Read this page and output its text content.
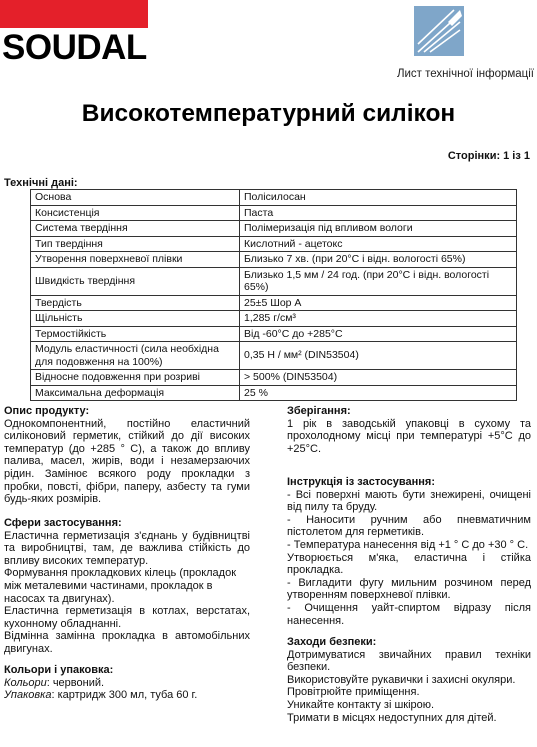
SOUDAL
Лист технічної інформації
Високотемпературний силікон
Сторінки: 1 із 1
Технічні дані:
Основа	Полісилосан
Консистенція	Паста
Система твердіння	Полімеризація під впливом вологи
Тип твердіння	Кислотний - ацетокс
Утворення поверхневої плівки	Близько 7 хв. (при 20°C і відн. вологості 65%)
Швидкість твердіння	Близько 1,5 мм / 24 год. (при 20°C і відн. вологості 65%)
Твердість	25±5 Шор А
Щільність	1,285 г/см³
Термостійкість	Від -60°C до +285°C
Модуль еластичності (сила необхідна для подовження на 100%)	0,35 Н / мм² (DIN53504)
Відносне подовження при розриві	> 500% (DIN53504)
Максимальна деформація	25 %
Опис продукту:

Однокомпонентний, постійно еластичний силіконовий герметик, стійкий до дії високих температур (до +285 ° C), а також до впливу палива, масел, жирів, води і незамерзаючих рідин. Замінює всякого роду прокладки з пробки, повсті, фібри, паперу, азбесту та гуми будь-яких розмірів.

Сфери застосування:

Еластична герметизація з'єднань у будівництві та виробництві, там, де важлива стійкість до впливу високих температур.

Формування прокладкових кілець (прокладок між металевими частинами, прокладок в насосах та двигунах).

Еластична герметизація в котлах, верстатах, кухонному обладнанні.

Відмінна замінна прокладка в автомобільних двигунах.

Кольори і упаковка:
Кольори: червоний.
Упаковка: картридж 300 мл, туба 60 г.
Зберігання:

1 рік в заводській упаковці в сухому та прохолодному місці при температурі +5°C до +25°C.

Інструкція із застосування:

- Всі поверхні мають бути знежирені, очищені від пилу та бруду.

- Наносити ручним або пневматичним пістолетом для герметиків.

- Температура нанесення від +1 ° C до +30 ° C.

Утворюється м'яка, еластична і стійка прокладка.

- Вигладити фугу мильним розчином перед утворенням поверхневої плівки.

- Очищення уайт-спиртом відразу після нанесення.

Заходи безпеки:

Дотримуватися звичайних правил техніки безпеки.

Використовуйте рукавички і захисні окуляри.

Провітрюйте приміщення.

Уникайте контакту зі шкірою.

Тримати в місцях недоступних для дітей.
